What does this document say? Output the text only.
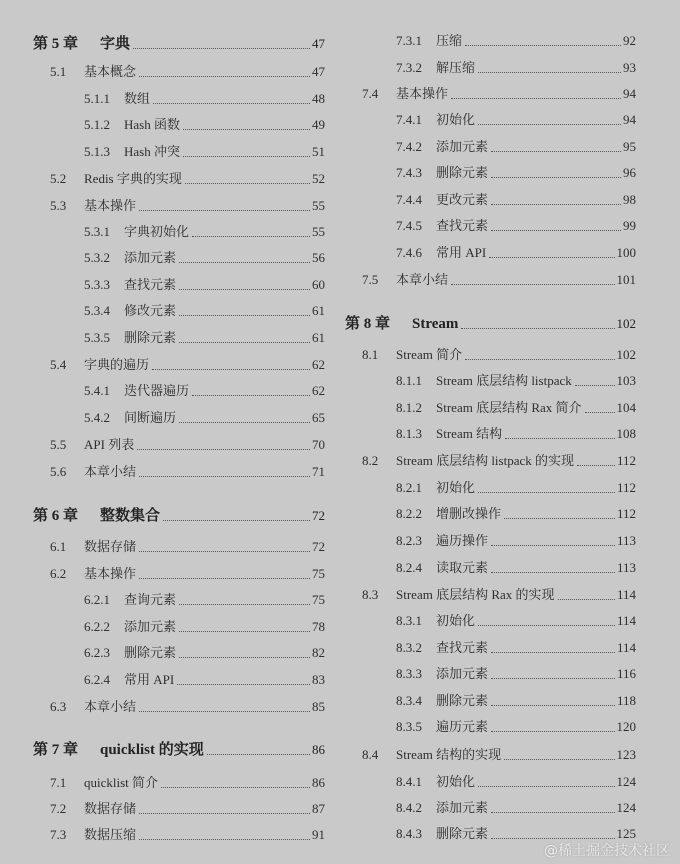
第 5 章 字典	47
5.1 基本概念	47
5.1.1 数组	48
5.1.2 Hash 函数	49
5.1.3 Hash 冲突	51
5.2 Redis 字典的实现	52
5.3 基本操作	55
5.3.1 字典初始化	55
5.3.2 添加元素	56
5.3.3 查找元素	60
5.3.4 修改元素	61
5.3.5 删除元素	61
5.4 字典的遍历	62
5.4.1 迭代器遍历	62
5.4.2 间断遍历	65
5.5 API 列表	70
5.6 本章小结	71
第 6 章 整数集合	72
6.1 数据存储	72
6.2 基本操作	75
6.2.1 查询元素	75
6.2.2 添加元素	78
6.2.3 删除元素	82
6.2.4 常用 API	83
6.3 本章小结	85
第 7 章 quicklist 的实现	86
7.1 quicklist 简介	86
7.2 数据存储	87
7.3 数据压缩	91
7.3.1 压缩	92
7.3.2 解压缩	93
7.4 基本操作	94
7.4.1 初始化	94
7.4.2 添加元素	95
7.4.3 删除元素	96
7.4.4 更改元素	98
7.4.5 查找元素	99
7.4.6 常用 API	100
7.5 本章小结	101
第 8 章 Stream	102
8.1 Stream 简介	102
8.1.1 Stream 底层结构 listpack	103
8.1.2 Stream 底层结构 Rax 简介	104
8.1.3 Stream 结构	108
8.2 Stream 底层结构 listpack 的实现	112
8.2.1 初始化	112
8.2.2 增删改操作	112
8.2.3 遍历操作	113
8.2.4 读取元素	113
8.3 Stream 底层结构 Rax 的实现	114
8.3.1 初始化	114
8.3.2 查找元素	114
8.3.3 添加元素	116
8.3.4 删除元素	118
8.3.5 遍历元素	120
8.4 Stream 结构的实现	123
8.4.1 初始化	124
8.4.2 添加元素	124
8.4.3 删除元素	125
@稀土掘金技术社区
